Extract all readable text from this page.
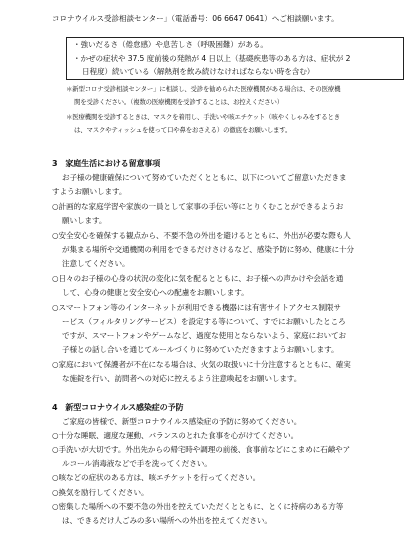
コロナウイルス受診相談センター」（電話番号：06 6647 0641）へご相談願います。
・強いだるさ（倦怠感）や息苦しさ（呼吸困難）がある。
・かぜの症状や 37.5 度前後の発熱が 4 日以上（基礎疾患等のある方は、症状が 2
日程度）続いている（解熱剤を飲み続けなければならない時を含む）
＊新型コロナ受診相談センター」に相談し、受診を勧められた医療機関がある場合は、その医療機
関を受診ください。（複数の医療機関を受診することは、お控えください）
＊医療機関を受診するときは、マスクを着用し、手洗いや咳エチケット（咳やくしゃみをするとき
は、マスクやティッシュを使って口や鼻をおさえる）の徹底をお願いします。
3　家庭生活における留意事項
お子様の健康確保について努めていただくとともに、以下についてご留意いただきま
すようお願いします。
○計画的な家庭学習や家族の一員として家事の手伝い等にとりくむことができるようお
願いします。
○安全安心を確保する観点から、不要不急の外出を避けるとともに、外出が必要な際も人
が集まる場所や交通機関の利用をできるだけさけるなど、感染予防に努め、健康に十分
注意してください。
○日々のお子様の心身の状況の変化に気を配るとともに、お子様への声かけや会話を通
して、心身の健康と安全安心への配慮をお願いします。
○スマートフォン等のインターネットが利用できる機器には有害サイトアクセス制限サ
ービス（フィルタリングサービス）を設定する等について、すでにお願いしたところ
ですが、スマートフォンやゲームなど、過度な使用とならないよう、家庭においてお
子様との話し合いを通じてルールづくりに努めていただきますようお願いします。
○家庭において保護者が不在になる場合は、火気の取扱いに十分注意するとともに、確実
な施錠を行い、訪問者への対応に控えるよう注意喚起をお願いします。
4　新型コロナウイルス感染症の予防
ご家庭の皆様で、新型コロナウイルス感染症の予防に努めてください。
○十分な睡眠、適度な運動、バランスのとれた食事を心がけてください。
○手洗いが大切です。外出先からの帰宅時や調理の前後、食事前などにこまめに石鹸やア
ルコール消毒液などで手を洗ってください。
○咳などの症状のある方は、咳エチケットを行ってください。
○換気を励行してください。
○密集した場所への不要不急の外出を控えていただくとともに、とくに持病のある方等
は、できるだけ人ごみの多い場所への外出を控えてください。
